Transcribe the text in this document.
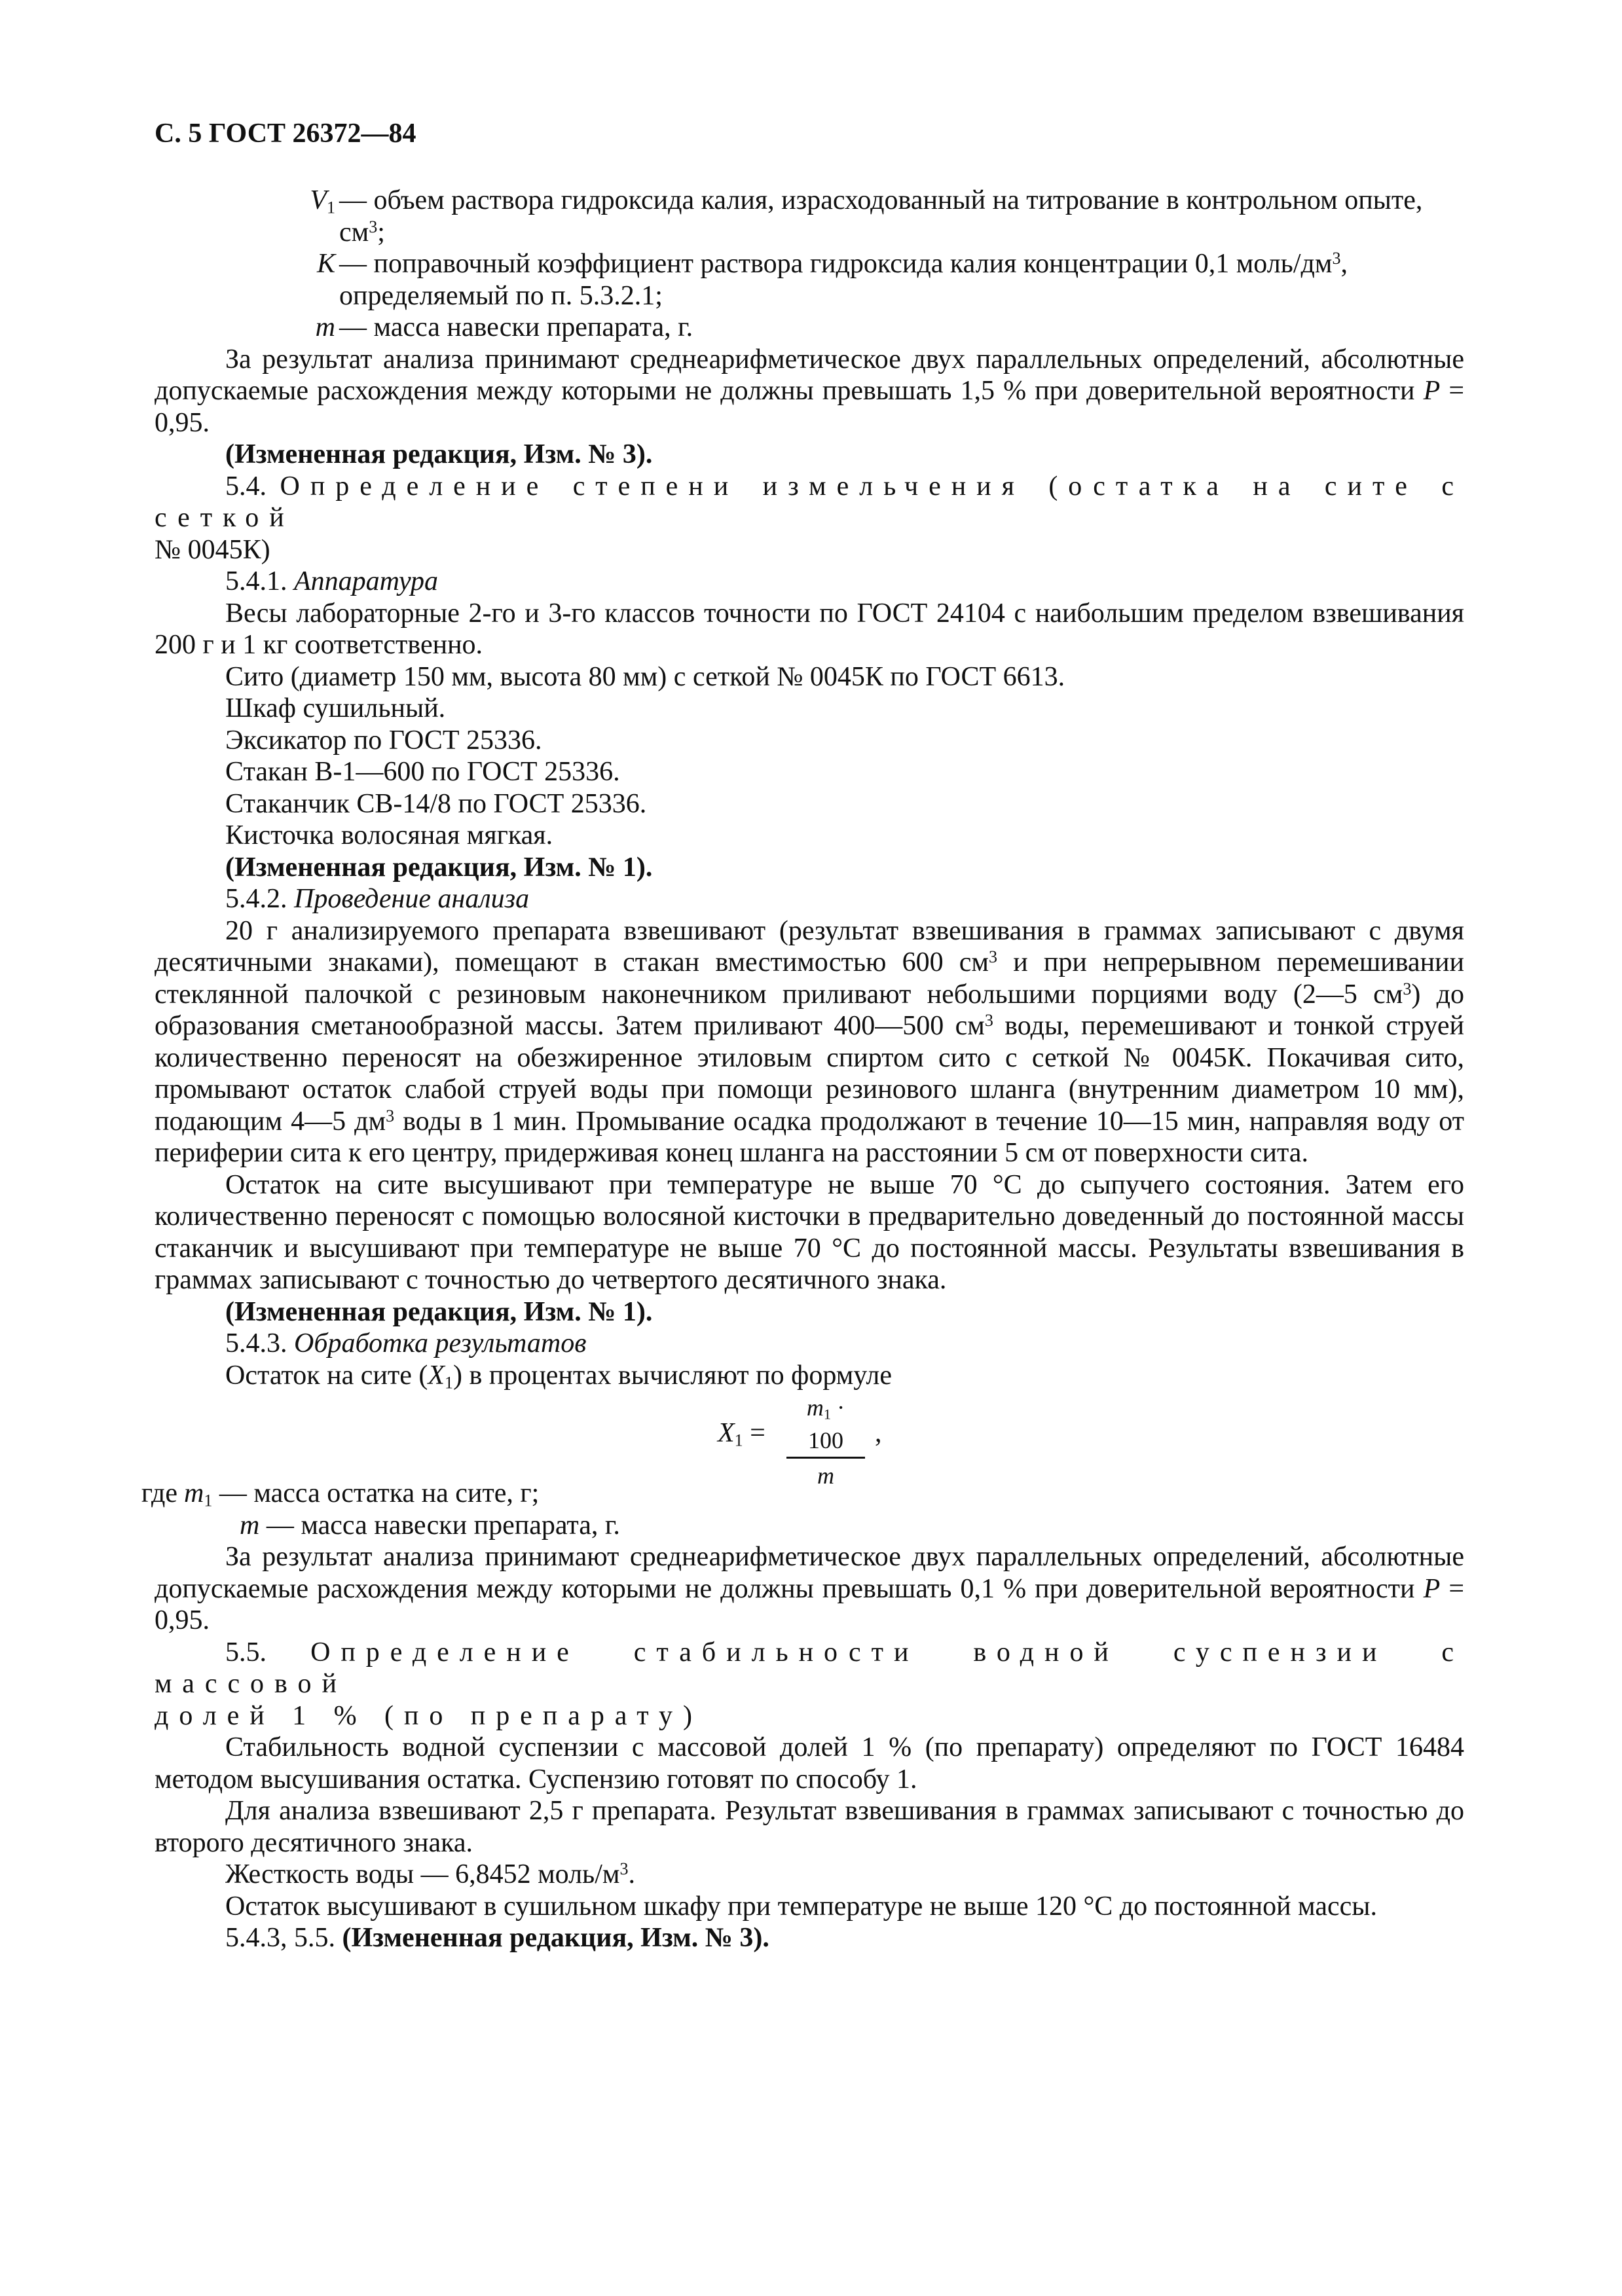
С. 5 ГОСТ 26372—84
$V_1$ — объем раствора гидроксида калия, израсходованный на титрование в контрольном опыте,
$см^3$;
K — поправочный коэффициент раствора гидроксида калия концентрации 0,1 моль/$дм^3$,
определяемый по п. 5.3.2.1;
m — масса навески препарата, г.

За результат анализа принимают среднеарифметическое двух параллельных определений, абсолютные допускаемые расхождения между которыми не должны превышать 1,5 % при доверительной вероятности P = 0,95.

(Измененная редакция, Изм. № 3).

5.4. Определение степени измельчения (остатка на сите с сеткой

№ 0045К)

5.4.1. Аппаратура

Весы лабораторные 2-го и 3-го классов точности по ГОСТ 24104 с наибольшим пределом взвешивания 200 г и 1 кг соответственно.

Сито (диаметр 150 мм, высота 80 мм) с сеткой № 0045К по ГОСТ 6613.

Шкаф сушильный.

Эксикатор по ГОСТ 25336.

Стакан В-1—600 по ГОСТ 25336.

Стаканчик СВ-14/8 по ГОСТ 25336.

Кисточка волосяная мягкая.

(Измененная редакция, Изм. № 1).

5.4.2. Проведение анализа

20 г анализируемого препарата взвешивают (результат взвешивания в граммах записывают с двумя десятичными знаками), помещают в стакан вместимостью 600 $см^3$ и при непрерывном перемешивании стеклянной палочкой с резиновым наконечником приливают небольшими порциями воду (2—5 $см^3$) до образования сметанообразной массы. Затем приливают 400—500 $см^3$ воды, перемешивают и тонкой струей количественно переносят на обезжиренное этиловым спиртом сито с сеткой № 0045К. Покачивая сито, промывают остаток слабой струей воды при помощи резинового шланга (внутренним диаметром 10 мм), подающим 4—5 $дм^3$ воды в 1 мин. Промывание осадка продолжают в течение 10—15 мин, направляя воду от периферии сита к его центру, придерживая конец шланга на расстоянии 5 см от поверхности сита.

Остаток на сите высушивают при температуре не выше 70 °C до сыпучего состояния. Затем его количественно переносят с помощью волосяной кисточки в предварительно доведенный до постоянной массы стаканчик и высушивают при температуре не выше 70 °C до постоянной массы. Результаты взвешивания в граммах записывают с точностью до четвертого десятичного знака.

(Измененная редакция, Изм. № 1).

5.4.3. Обработка результатов

Остаток на сите $(X_1)$ в процентах вычисляют по формуле

$X_1 = \frac{m_1 \cdot 100}{m}$ ,

где $m_1$ — масса остатка на сите, г;

m — масса навески препарата, г.

За результат анализа принимают среднеарифметическое двух параллельных определений, абсолютные допускаемые расхождения между которыми не должны превышать 0,1 % при доверительной вероятности P = 0,95.

5.5. Определение стабильности водной суспензии с массовой

долей 1 % (по препарату)

Стабильность водной суспензии с массовой долей 1 % (по препарату) определяют по ГОСТ 16484 методом высушивания остатка. Суспензию готовят по способу 1.

Для анализа взвешивают 2,5 г препарата. Результат взвешивания в граммах записывают с точностью до второго десятичного знака.

Жесткость воды — 6,8452 моль/$м^3$.

Остаток высушивают в сушильном шкафу при температуре не выше 120 °C до постоянной массы.

5.4.3, 5.5. (Измененная редакция, Изм. № 3).
